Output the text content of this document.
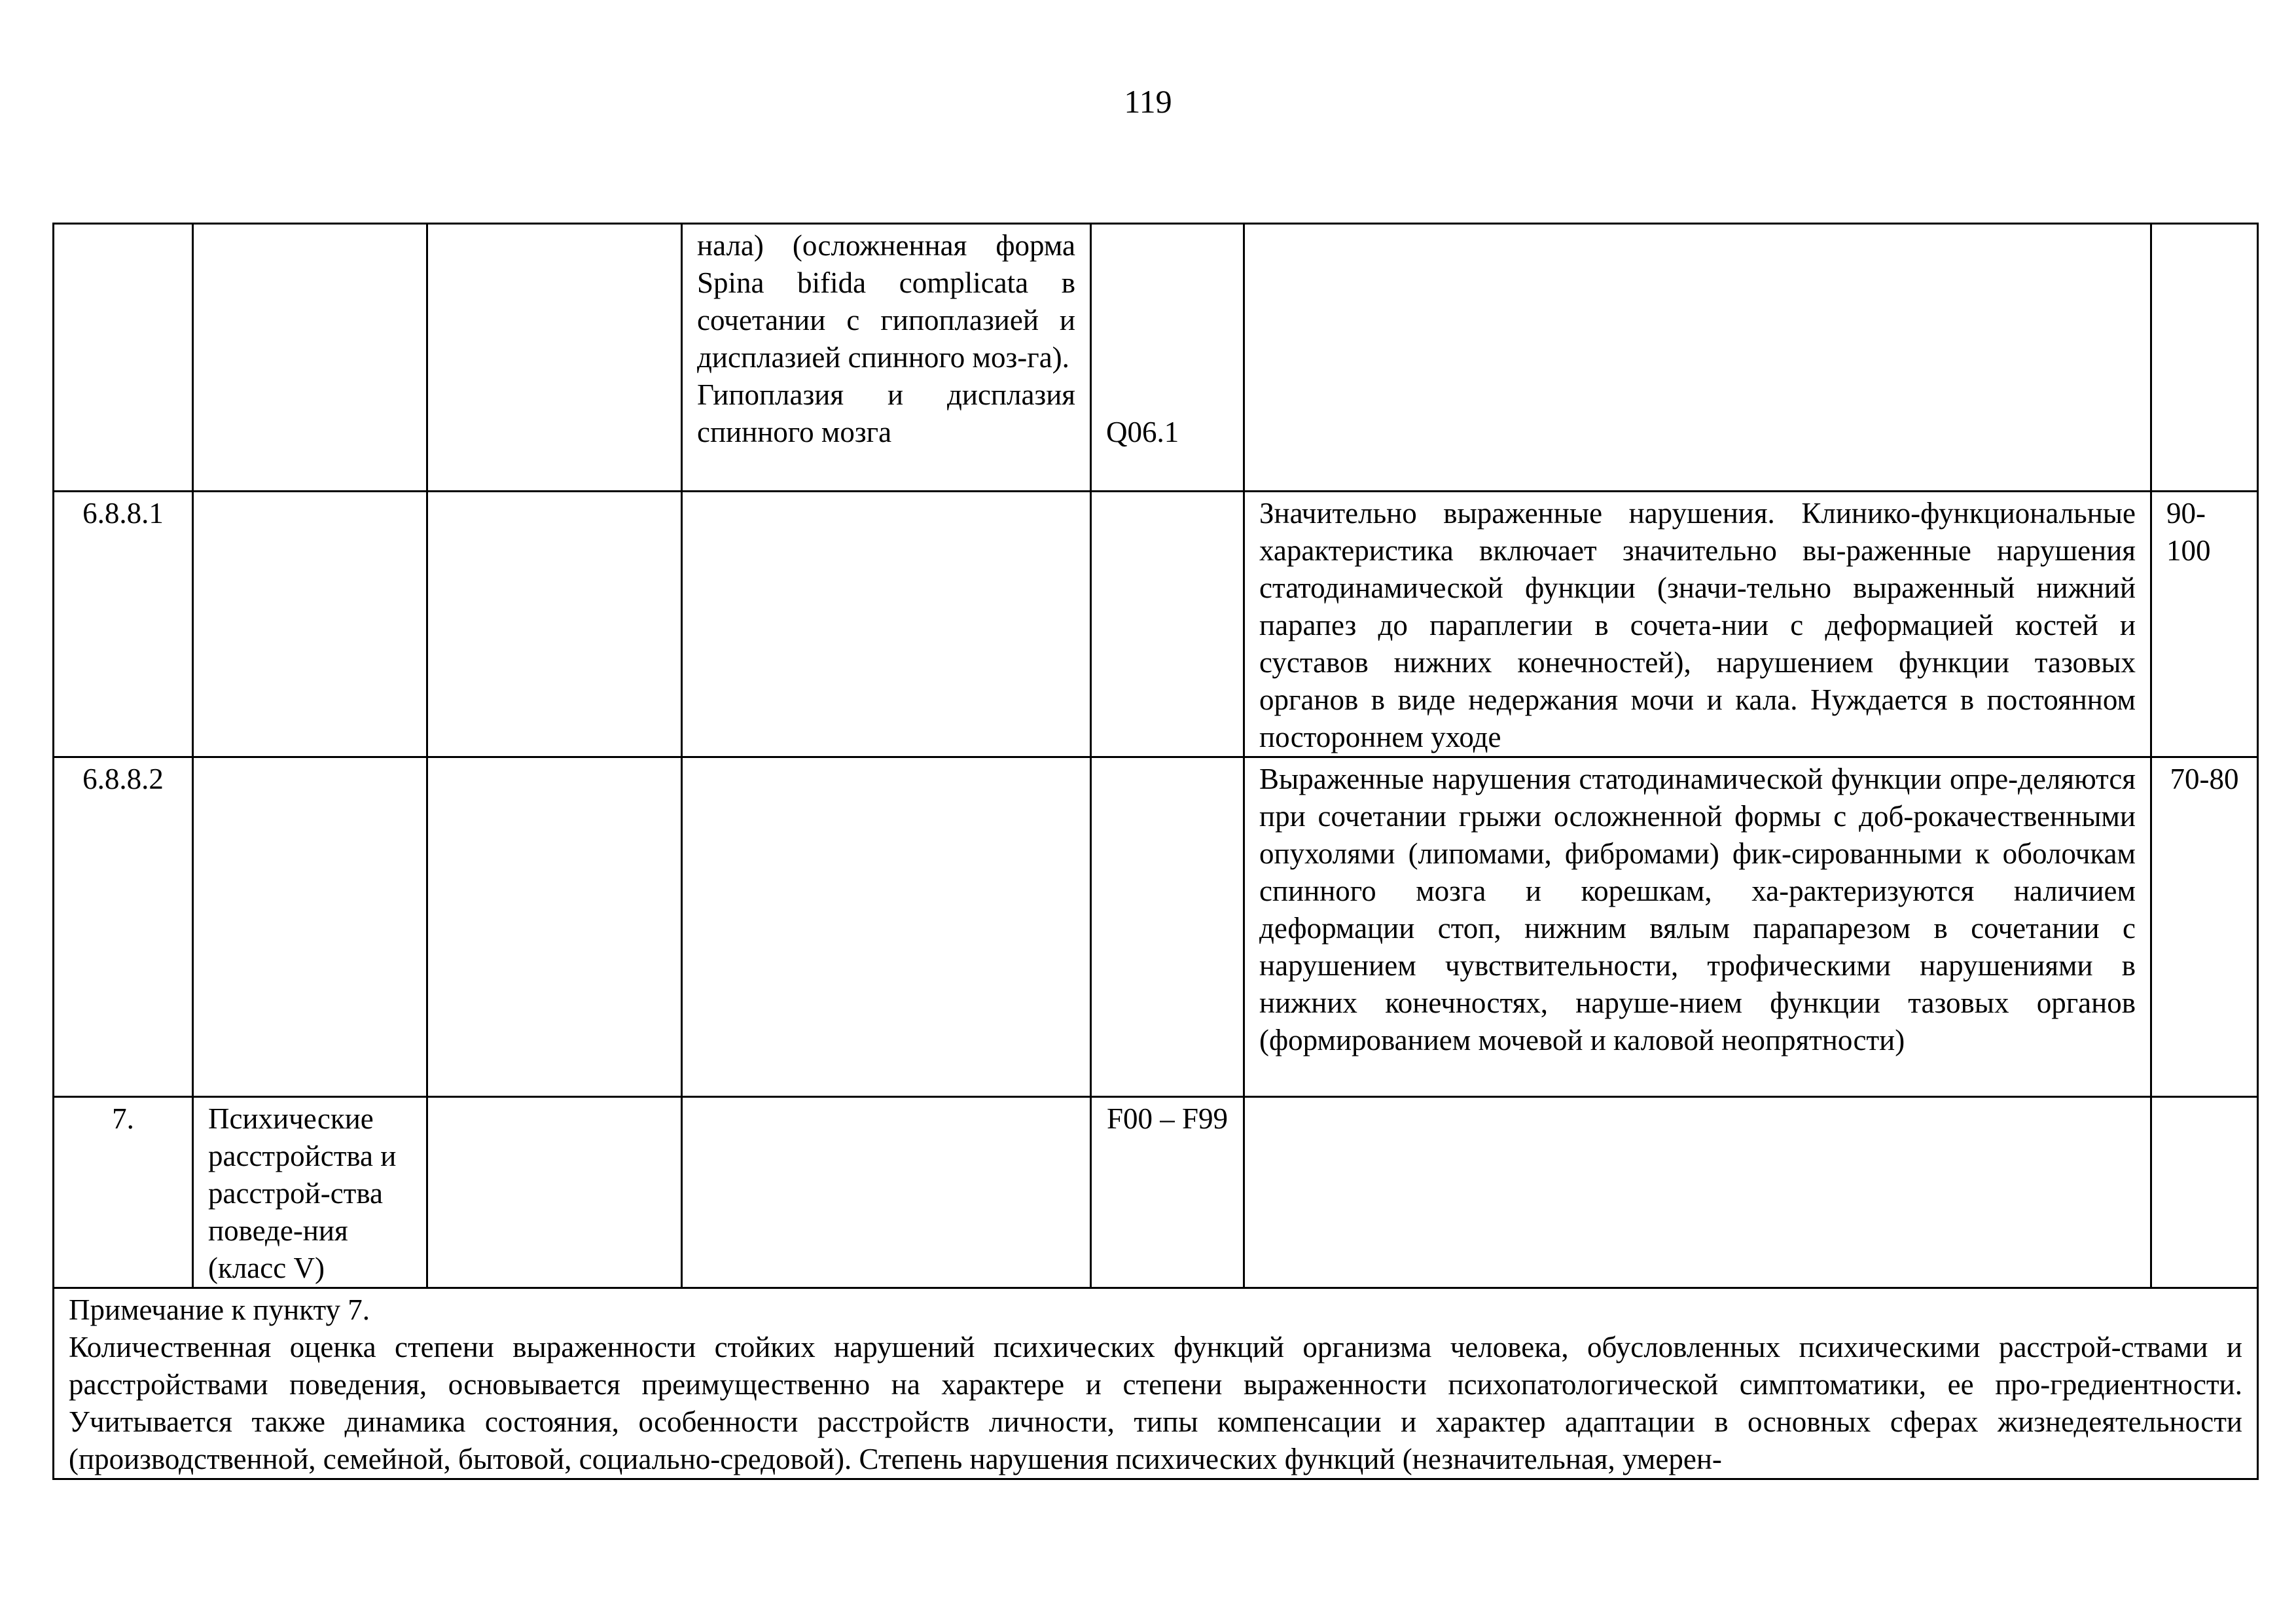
119

			нала) (осложненная форма Spina bifida complicata в сочетании с гипоплазией и дисплазией спинного моз-га).
Гипоплазия и дисплазия спинного мозга	Q06.1		

6.8.8.1					Значительно выраженные нарушения. Клинико-функциональные характеристика включает значительно вы-раженные нарушения статодинамической функции (значи-тельно выраженный нижний парапез до параплегии в сочета-нии с деформацией костей и суставов нижних конечностей), нарушением функции тазовых органов в виде недержания мочи и кала. Нуждается в постоянном постороннем уходе	90-100
6.8.8.2					Выраженные нарушения статодинамической функции опре-деляются при сочетании грыжи осложненной формы с доб-рокачественными опухолями (липомами, фибромами) фик-сированными к оболочкам спинного мозга и корешкам, ха-рактеризуются наличием деформации стоп, нижним вялым парапарезом в сочетании с нарушением чувствительности, трофическими нарушениями в нижних конечностях, наруше-нием функции тазовых органов (формированием мочевой и каловой неопрятности)	70-80
7.	Психические расстройства и расстрой-ства поведе-ния (класс V)			F00 – F99		

Примечание к пункту 7.
Количественная оценка степени выраженности стойких нарушений психических функций организма человека, обусловленных психическими расстрой-ствами и расстройствами поведения, основывается преимущественно на характере и степени выраженности психопатологической симптоматики, ее про-гредиентности. Учитывается также динамика состояния, особенности расстройств личности, типы компенсации и характер адаптации в основных сферах жизнедеятельности (производственной, семейной, бытовой, социально-средовой). Степень нарушения психических функций (незначительная, умерен-						
